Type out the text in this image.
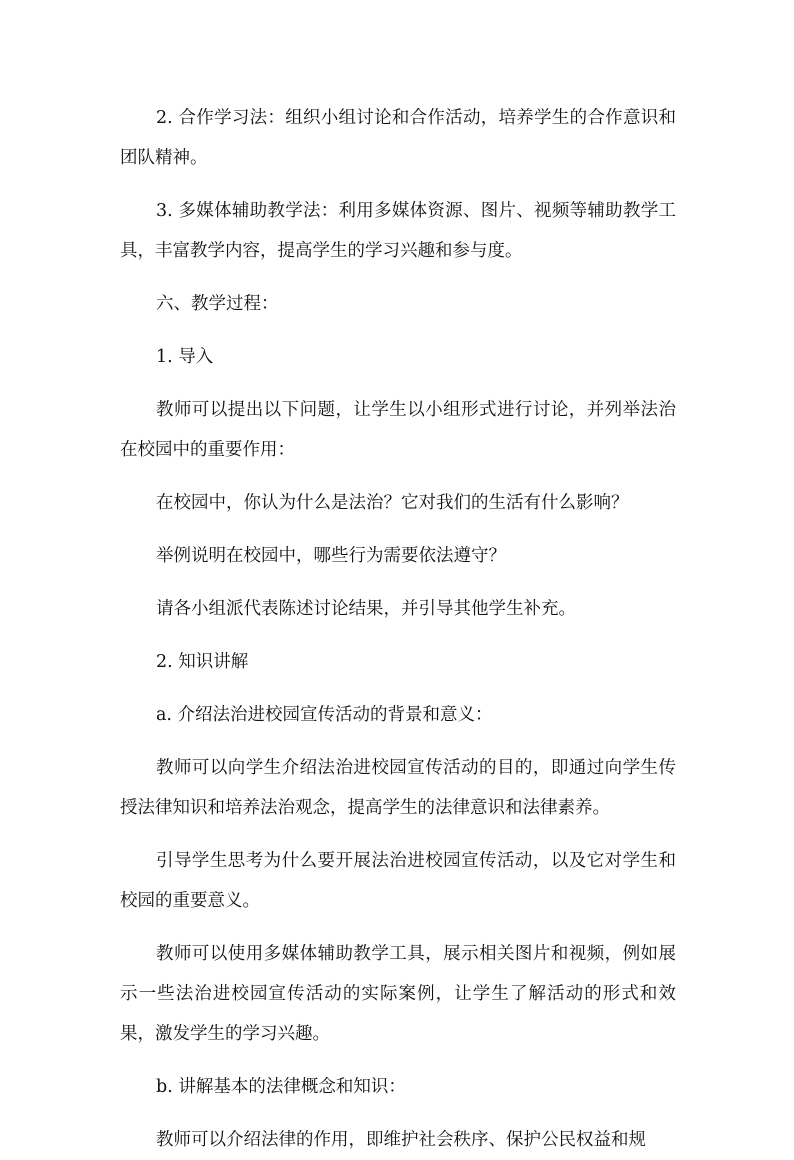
2. 合作学习法：组织小组讨论和合作活动，培养学生的合作意识和团队精神。

3. 多媒体辅助教学法：利用多媒体资源、图片、视频等辅助教学工具，丰富教学内容，提高学生的学习兴趣和参与度。

六、教学过程：

1. 导入

教师可以提出以下问题，让学生以小组形式进行讨论，并列举法治在校园中的重要作用：

在校园中，你认为什么是法治？它对我们的生活有什么影响？

举例说明在校园中，哪些行为需要依法遵守？

请各小组派代表陈述讨论结果，并引导其他学生补充。

2. 知识讲解

a. 介绍法治进校园宣传活动的背景和意义：

教师可以向学生介绍法治进校园宣传活动的目的，即通过向学生传授法律知识和培养法治观念，提高学生的法律意识和法律素养。

引导学生思考为什么要开展法治进校园宣传活动，以及它对学生和校园的重要意义。

教师可以使用多媒体辅助教学工具，展示相关图片和视频，例如展示一些法治进校园宣传活动的实际案例，让学生了解活动的形式和效果，激发学生的学习兴趣。

b. 讲解基本的法律概念和知识：

教师可以介绍法律的作用，即维护社会秩序、保护公民权益和规
